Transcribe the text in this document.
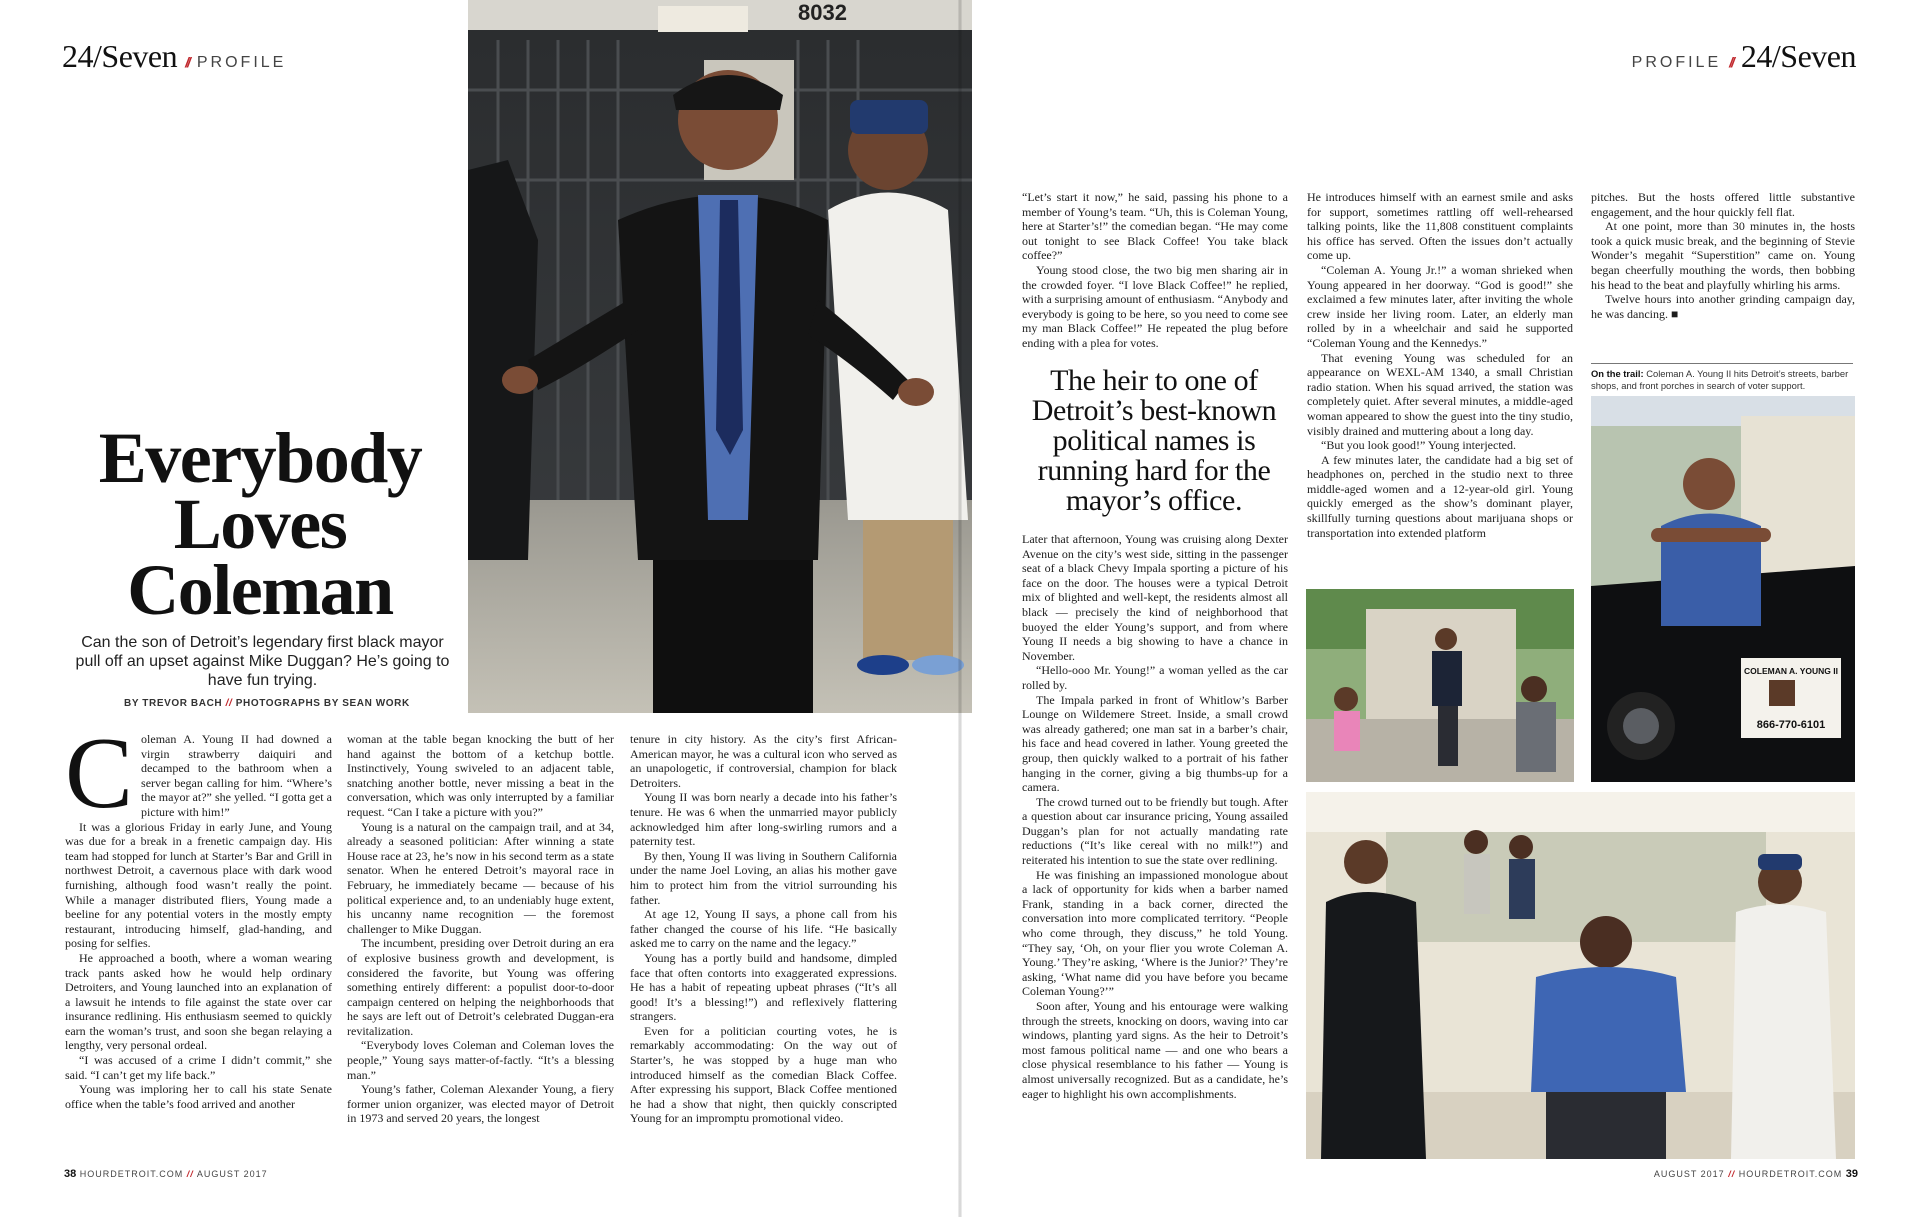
24/Seven // PROFILE	PROFILE // 24/Seven
8032
Everybody
Loves
Coleman

Can the son of Detroit’s legendary first black mayor pull off an upset against Mike Duggan? He’s going to have fun trying.

BY TREVOR BACH // PHOTOGRAPHS BY SEAN WORK

Coleman A. Young II had downed a virgin strawberry daiquiri and decamped to the bathroom when a server began calling for him. “Where’s the mayor at?” she yelled. “I gotta get a picture with him!”

It was a glorious Friday in early June, and Young was due for a break in a frenetic campaign day. His team had stopped for lunch at Starter’s Bar and Grill in northwest Detroit, a cavernous place with dark wood furnishing, although food wasn’t really the point. While a manager distributed fliers, Young made a beeline for any potential voters in the mostly empty restaurant, introducing himself, glad-handing, and posing for selfies.

He approached a booth, where a woman wearing track pants asked how he would help ordinary Detroiters, and Young launched into an explanation of a lawsuit he intends to file against the state over car insurance redlining. His enthusiasm seemed to quickly earn the woman’s trust, and soon she began relaying a lengthy, very personal ordeal.

“I was accused of a crime I didn’t commit,” she said. “I can’t get my life back.”

Young was imploring her to call his state Senate office when the table’s food arrived and another

woman at the table began knocking the butt of her hand against the bottom of a ketchup bottle. Instinctively, Young swiveled to an adjacent table, snatching another bottle, never missing a beat in the conversation, which was only interrupted by a familiar request. “Can I take a picture with you?”

Young is a natural on the campaign trail, and at 34, already a seasoned politician: After winning a state House race at 23, he’s now in his second term as a state senator. When he entered Detroit’s mayoral race in February, he immediately became — because of his political experience and, to an undeniably huge extent, his uncanny name recognition — the foremost challenger to Mike Duggan.

The incumbent, presiding over Detroit during an era of explosive business growth and development, is considered the favorite, but Young was offering something entirely different: a populist door-to-door campaign centered on helping the neighborhoods that he says are left out of Detroit’s celebrated Duggan-era revitalization.

“Everybody loves Coleman and Coleman loves the people,” Young says matter-of-factly. “It’s a blessing man.”

Young’s father, Coleman Alexander Young, a fiery former union organizer, was elected mayor of Detroit in 1973 and served 20 years, the longest

tenure in city history. As the city’s first African-American mayor, he was a cultural icon who served as an unapologetic, if controversial, champion for black Detroiters.

Young II was born nearly a decade into his father’s tenure. He was 6 when the unmarried mayor publicly acknowledged him after long-swirling rumors and a paternity test.

By then, Young II was living in Southern California under the name Joel Loving, an alias his mother gave him to protect him from the vitriol surrounding his father.

At age 12, Young II says, a phone call from his father changed the course of his life. “He basically asked me to carry on the name and the legacy.”

Young has a portly build and handsome, dimpled face that often contorts into exaggerated expressions. He has a habit of repeating upbeat phrases (“It’s all good! It’s a blessing!”) and reflexively flattering strangers.

Even for a politician courting votes, he is remarkably accommodating: On the way out of Starter’s, he was stopped by a huge man who introduced himself as the comedian Black Coffee. After expressing his support, Black Coffee mentioned he had a show that night, then quickly conscripted Young for an impromptu promotional video.

“Let’s start it now,” he said, passing his phone to a member of Young’s team. “Uh, this is Coleman Young, here at Starter’s!” the comedian began. “He may come out tonight to see Black Coffee! You take black coffee?”

Young stood close, the two big men sharing air in the crowded foyer. “I love Black Coffee!” he replied, with a surprising amount of enthusiasm. “Anybody and everybody is going to be here, so you need to come see my man Black Coffee!” He repeated the plug before ending with a plea for votes.

The heir to one of Detroit’s best-known political names is running hard for the mayor’s office.

Later that afternoon, Young was cruising along Dexter Avenue on the city’s west side, sitting in the passenger seat of a black Chevy Impala sporting a picture of his face on the door. The houses were a typical Detroit mix of blighted and well-kept, the residents almost all black — precisely the kind of neighborhood that buoyed the elder Young’s support, and from where Young II needs a big showing to have a chance in November.

“Hello-ooo Mr. Young!” a woman yelled as the car rolled by.

The Impala parked in front of Whitlow’s Barber Lounge on Wildemere Street. Inside, a small crowd was already gathered; one man sat in a barber’s chair, his face and head covered in lather. Young greeted the group, then quickly walked to a portrait of his father hanging in the corner, giving a big thumbs-up for a camera.

The crowd turned out to be friendly but tough. After a question about car insurance pricing, Young assailed Duggan’s plan for not actually mandating rate reductions (“It’s like cereal with no milk!”) and reiterated his intention to sue the state over redlining.

He was finishing an impassioned monologue about a lack of opportunity for kids when a barber named Frank, standing in a back corner, directed the conversation into more complicated territory. “People who come through, they discuss,” he told Young. “They say, ‘Oh, on your flier you wrote Coleman A. Young.’ They’re asking, ‘Where is the Junior?’ They’re asking, ‘What name did you have before you became Coleman Young?’”

Soon after, Young and his entourage were walking through the streets, knocking on doors, waving into car windows, planting yard signs. As the heir to Detroit’s most famous political name — and one who bears a close physical resemblance to his father — Young is almost universally recognized. But as a candidate, he’s eager to highlight his own accomplishments.

He introduces himself with an earnest smile and asks for support, sometimes rattling off well-rehearsed talking points, like the 11,808 constituent complaints his office has served. Often the issues don’t actually come up.

“Coleman A. Young Jr.!” a woman shrieked when Young appeared in her doorway. “God is good!” she exclaimed a few minutes later, after inviting the whole crew inside her living room. Later, an elderly man rolled by in a wheelchair and said he supported “Coleman Young and the Kennedys.”

That evening Young was scheduled for an appearance on WEXL-AM 1340, a small Christian radio station. When his squad arrived, the station was completely quiet. After several minutes, a middle-aged woman appeared to show the guest into the tiny studio, visibly drained and muttering about a long day.

“But you look good!” Young interjected.

A few minutes later, the candidate had a big set of headphones on, perched in the studio next to three middle-aged women and a 12-year-old girl. Young quickly emerged as the show’s dominant player, skillfully turning questions about marijuana shops or transportation into extended platform

pitches. But the hosts offered little substantive engagement, and the hour quickly fell flat.

At one point, more than 30 minutes in, the hosts took a quick music break, and the beginning of Stevie Wonder’s megahit “Superstition” came on. Young began cheerfully mouthing the words, then bobbing his head to the beat and playfully whirling his arms.

Twelve hours into another grinding campaign day, he was dancing. ■

On the trail: Coleman A. Young II hits Detroit’s streets, barber shops, and front porches in search of voter support.

COLEMAN A. YOUNG II
866-770-6101

38 HOURDETROIT.COM // AUGUST 2017	AUGUST 2017 // HOURDETROIT.COM 39
